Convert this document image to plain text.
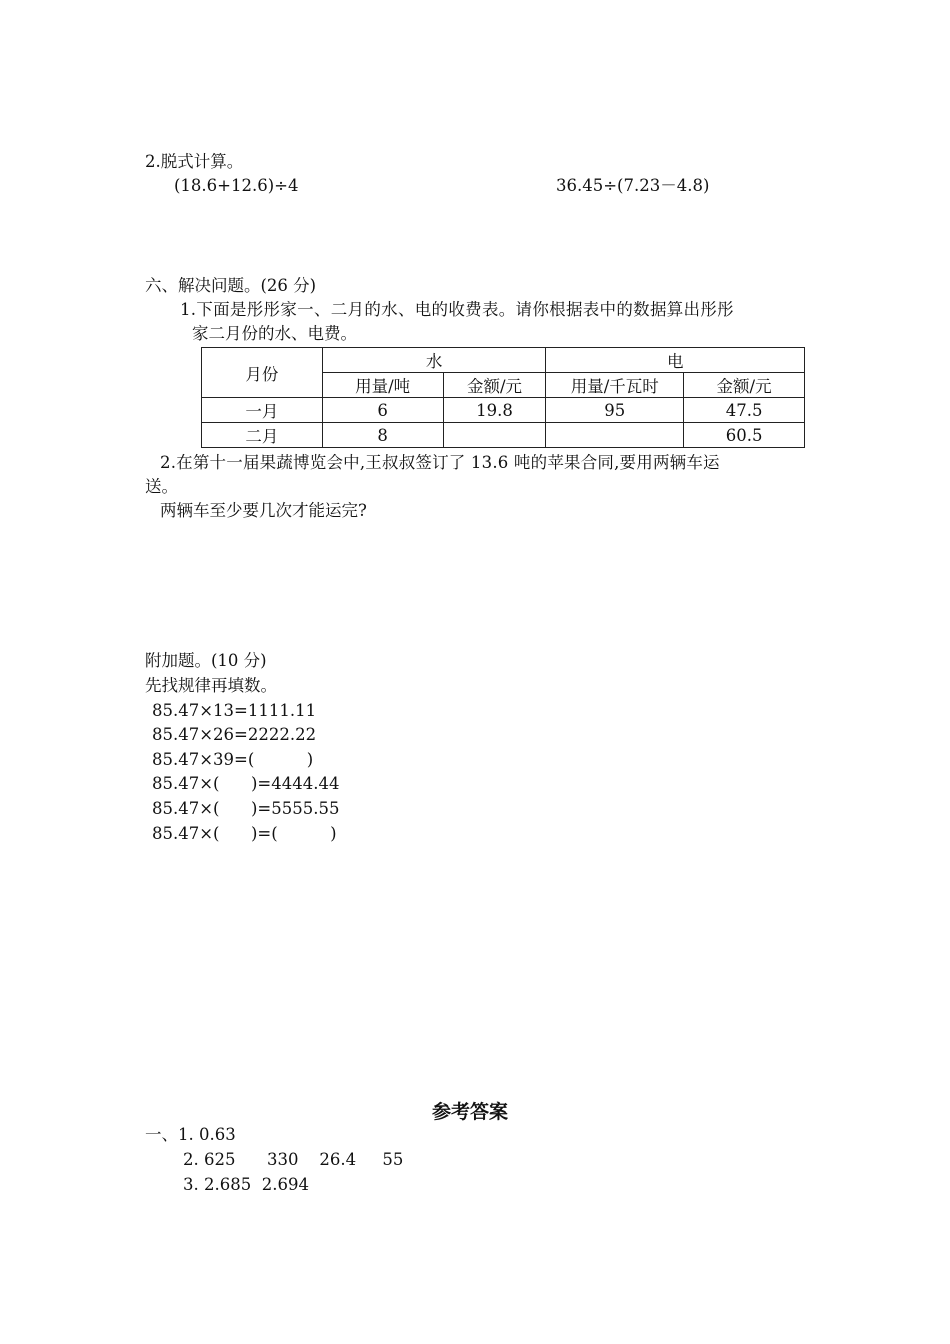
2.脱式计算。
(18.6+12.6)÷4	36.45÷(7.23－4.8)
六、解决问题。(26 分)
1.下面是彤彤家一、二月的水、电的收费表。请你根据表中的数据算出彤彤
家二月份的水、电费。
月份	水		电	
	用量/吨	金额/元	用量/千瓦时	金额/元
一月	6	19.8	95	47.5
二月	8			60.5
2.在第十一届果蔬博览会中,王叔叔签订了 13.6 吨的苹果合同,要用两辆车运
送。
两辆车至少要几次才能运完?
附加题。(10 分)
先找规律再填数。
85.47×13=1111.11
85.47×26=2222.22
85.47×39=(          )
85.47×(      )=4444.44
85.47×(      )=5555.55
85.47×(      )=(          )
参考答案
一、1. 0.63
2. 625      330    26.4     55
3. 2.685  2.694
